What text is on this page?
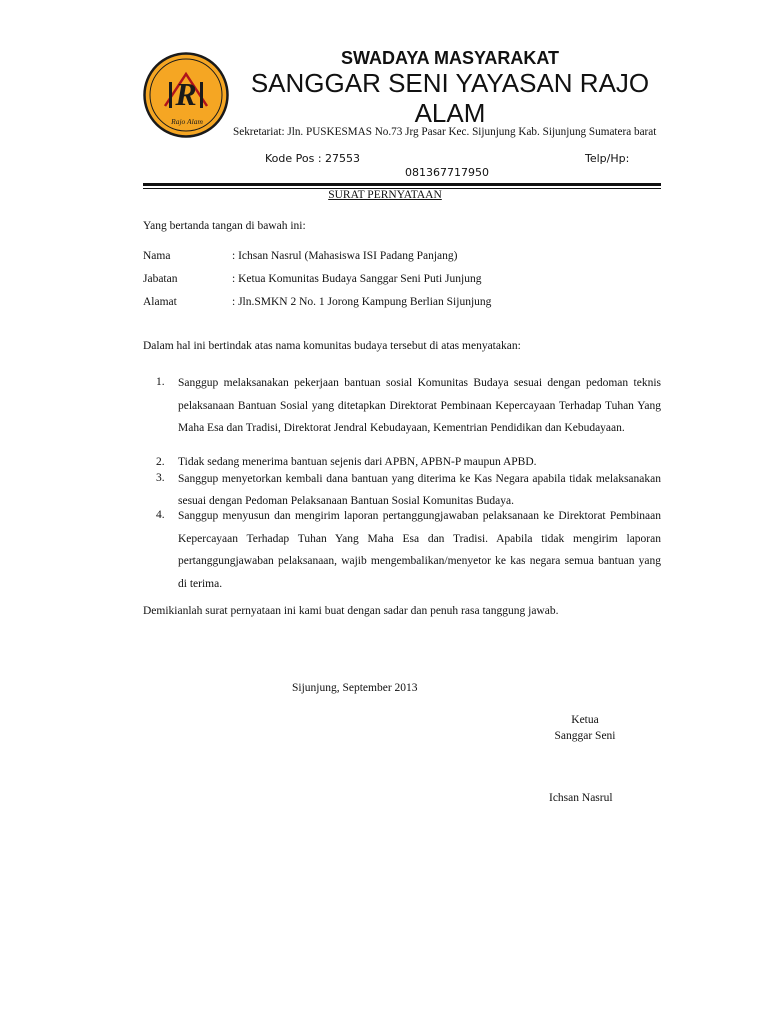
R
Rajo Alam
SWADAYA MASYARAKAT
SANGGAR SENI YAYASAN RAJO ALAM
Sekretariat: Jln. PUSKESMAS No.73 Jrg Pasar Kec. Sijunjung Kab. Sijunjung Sumatera barat
Kode Pos : 27553	Telp/Hp:
081367717950
SURAT PERNYATAAN
Yang bertanda tangan di bawah ini:
Nama	: Ichsan Nasrul (Mahasiswa ISI Padang Panjang)
Jabatan	: Ketua Komunitas Budaya Sanggar Seni Puti Junjung
Alamat	: Jln.SMKN 2 No. 1 Jorong Kampung Berlian Sijunjung
Dalam hal ini bertindak atas nama komunitas budaya tersebut di atas menyatakan:
1. Sanggup melaksanakan pekerjaan bantuan sosial Komunitas Budaya sesuai dengan pedoman teknis pelaksanaan Bantuan Sosial yang ditetapkan Direktorat Pembinaan Kepercayaan Terhadap Tuhan Yang Maha Esa dan Tradisi, Direktorat Jendral Kebudayaan, Kementrian Pendidikan dan Kebudayaan.
2. Tidak sedang menerima bantuan sejenis dari APBN, APBN-P maupun APBD.
3. Sanggup menyetorkan kembali dana bantuan yang diterima ke Kas Negara apabila tidak melaksanakan sesuai dengan Pedoman Pelaksanaan Bantuan Sosial Komunitas Budaya.
4. Sanggup menyusun dan mengirim laporan pertanggungjawaban pelaksanaan ke Direktorat Pembinaan Kepercayaan Terhadap Tuhan Yang Maha Esa dan Tradisi. Apabila tidak mengirim laporan pertanggungjawaban pelaksanaan, wajib mengembalikan/menyetor ke kas negara semua bantuan yang di terima.
Demikianlah surat pernyataan ini kami buat dengan sadar dan penuh rasa tanggung jawab.
Sijunjung, September 2013
Ketua
Sanggar Seni
Ichsan Nasrul
